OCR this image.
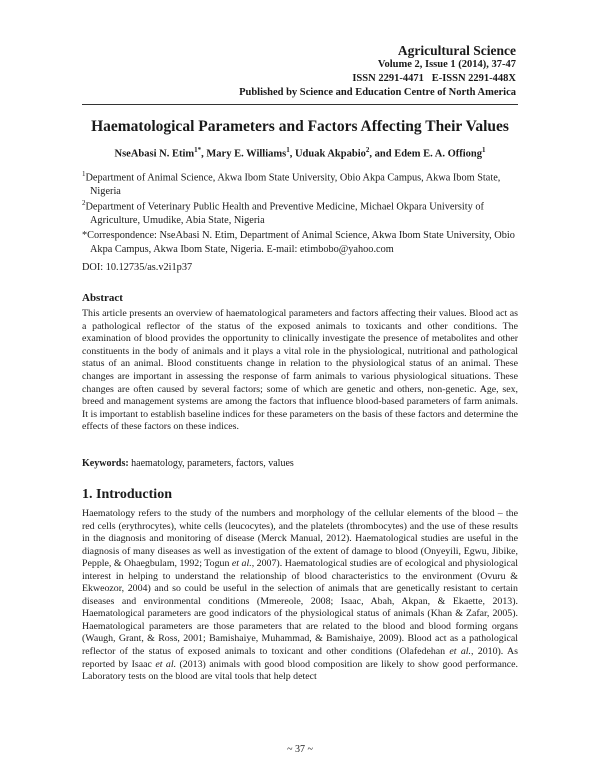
Agricultural Science
Volume 2, Issue 1 (2014), 37-47
ISSN 2291-4471   E-ISSN 2291-448X
Published by Science and Education Centre of North America
Haematological Parameters and Factors Affecting Their Values
NseAbasi N. Etim$^{1*}$, Mary E. Williams$^1$, Uduak Akpabio$^2$, and Edem E. A. Offiong$^1$
$^1$Department of Animal Science, Akwa Ibom State University, Obio Akpa Campus, Akwa Ibom State, Nigeria
$^2$Department of Veterinary Public Health and Preventive Medicine, Michael Okpara University of Agriculture, Umudike, Abia State, Nigeria
*Correspondence: NseAbasi N. Etim, Department of Animal Science, Akwa Ibom State University, Obio Akpa Campus, Akwa Ibom State, Nigeria. E-mail: etimbobo@yahoo.com
DOI: 10.12735/as.v2i1p37
Abstract
This article presents an overview of haematological parameters and factors affecting their values. Blood act as a pathological reflector of the status of the exposed animals to toxicants and other conditions. The examination of blood provides the opportunity to clinically investigate the presence of metabolites and other constituents in the body of animals and it plays a vital role in the physiological, nutritional and pathological status of an animal. Blood constituents change in relation to the physiological status of an animal. These changes are important in assessing the response of farm animals to various physiological situations. These changes are often caused by several factors; some of which are genetic and others, non-genetic. Age, sex, breed and management systems are among the factors that influence blood-based parameters of farm animals. It is important to establish baseline indices for these parameters on the basis of these factors and determine the effects of these factors on these indices.
Keywords: haematology, parameters, factors, values
1. Introduction
Haematology refers to the study of the numbers and morphology of the cellular elements of the blood – the red cells (erythrocytes), white cells (leucocytes), and the platelets (thrombocytes) and the use of these results in the diagnosis and monitoring of disease (Merck Manual, 2012). Haematological studies are useful in the diagnosis of many diseases as well as investigation of the extent of damage to blood (Onyeyili, Egwu, Jibike, Pepple, & Ohaegbulam, 1992; Togun et al., 2007). Haematological studies are of ecological and physiological interest in helping to understand the relationship of blood characteristics to the environment (Ovuru & Ekweozor, 2004) and so could be useful in the selection of animals that are genetically resistant to certain diseases and environmental conditions (Mmereole, 2008; Isaac, Abah, Akpan, & Ekaette, 2013). Haematological parameters are good indicators of the physiological status of animals (Khan & Zafar, 2005). Haematological parameters are those parameters that are related to the blood and blood forming organs (Waugh, Grant, & Ross, 2001; Bamishaiye, Muhammad, & Bamishaiye, 2009). Blood act as a pathological reflector of the status of exposed animals to toxicant and other conditions (Olafedehan et al., 2010). As reported by Isaac et al. (2013) animals with good blood composition are likely to show good performance. Laboratory tests on the blood are vital tools that help detect
~ 37 ~
